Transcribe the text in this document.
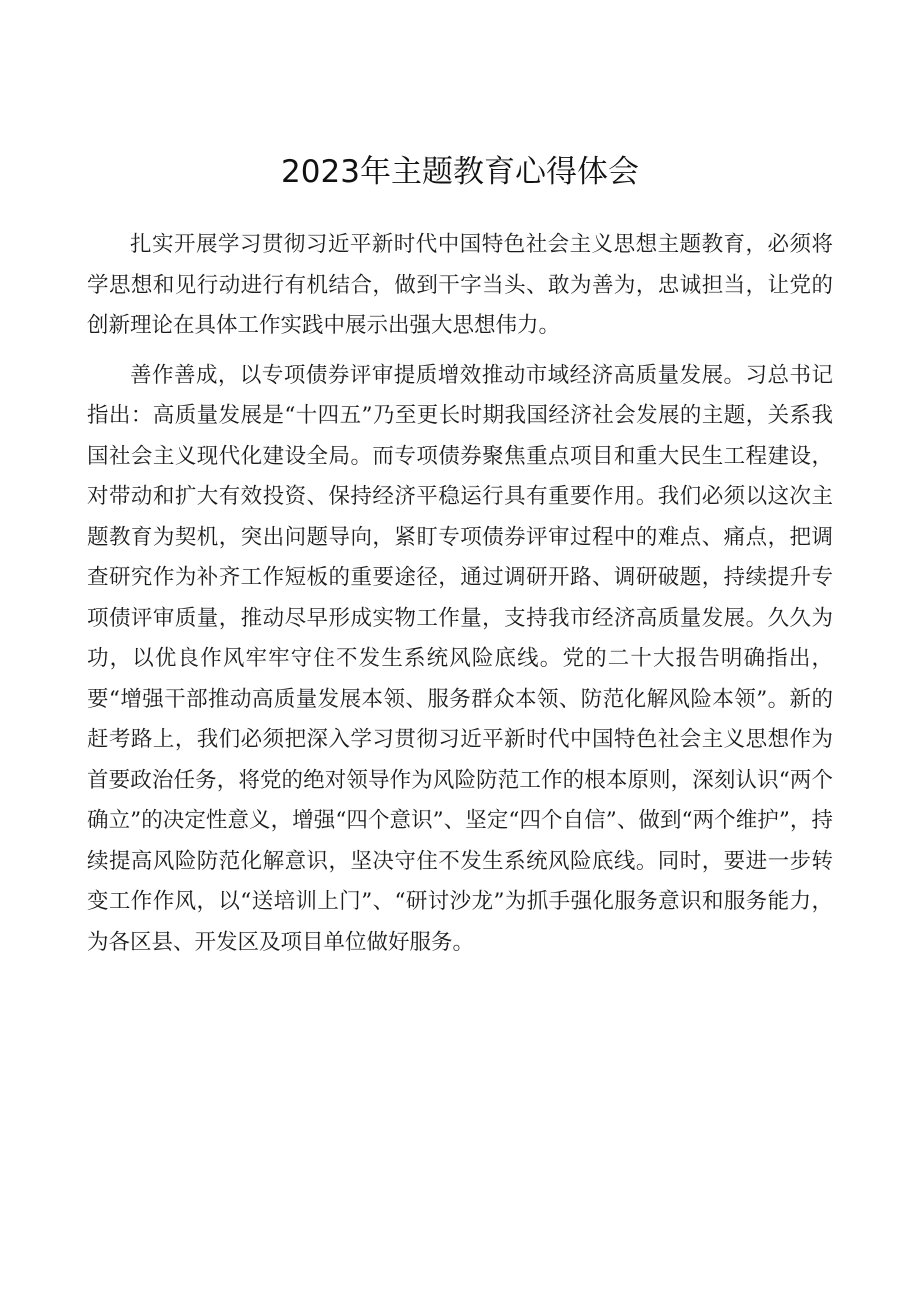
2023年主题教育心得体会

扎实开展学习贯彻习近平新时代中国特色社会主义思想主题教育，必须将学思想和见行动进行有机结合，做到干字当头、敢为善为，忠诚担当，让党的创新理论在具体工作实践中展示出强大思想伟力。

善作善成，以专项债券评审提质增效推动市域经济高质量发展。习总书记指出：高质量发展是“十四五”乃至更长时期我国经济社会发展的主题，关系我国社会主义现代化建设全局。而专项债券聚焦重点项目和重大民生工程建设，对带动和扩大有效投资、保持经济平稳运行具有重要作用。我们必须以这次主题教育为契机，突出问题导向，紧盯专项债券评审过程中的难点、痛点，把调查研究作为补齐工作短板的重要途径，通过调研开路、调研破题，持续提升专项债评审质量，推动尽早形成实物工作量，支持我市经济高质量发展。久久为功，以优良作风牢牢守住不发生系统风险底线。党的二十大报告明确指出，要“增强干部推动高质量发展本领、服务群众本领、防范化解风险本领”。新的赶考路上，我们必须把深入学习贯彻习近平新时代中国特色社会主义思想作为首要政治任务，将党的绝对领导作为风险防范工作的根本原则，深刻认识“两个确立”的决定性意义，增强“四个意识”、坚定“四个自信”、做到“两个维护”，持续提高风险防范化解意识，坚决守住不发生系统风险底线。同时，要进一步转变工作作风，以“送培训上门”、“研讨沙龙”为抓手强化服务意识和服务能力，为各区县、开发区及项目单位做好服务。
